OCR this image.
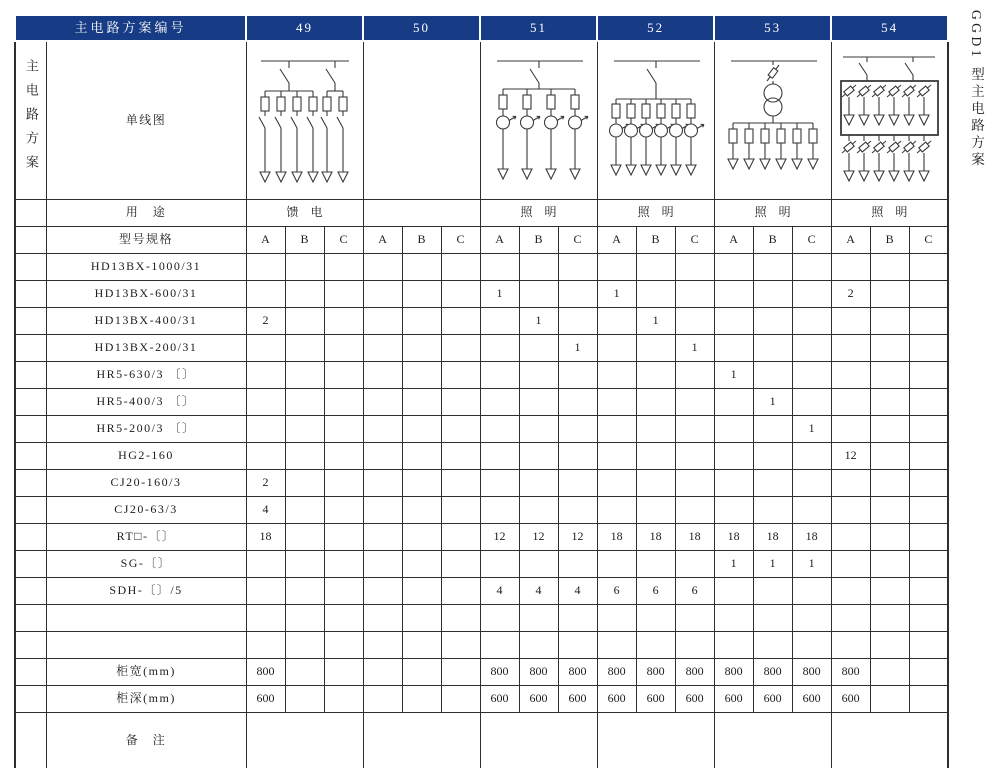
GGD1 型主电路方案
主电路方案编号		49			50			51			52			53			54		
主电路方案	单线图	

	用　途	馈　电						照　明			照　明			照　明			照　明		
	型号规格	A	B	C	A	B	C	A	B	C	A	B	C	A	B	C	A	B	C
	HD13BX-1000/31																		
	HD13BX-600/31							1			1						2		
	HD13BX-400/31	2							1			1							
	HD13BX-200/31									1			1						
	HR5-630/3 〔〕													1					
	HR5-400/3 〔〕														1				
	HR5-200/3 〔〕															1			
	HG2-160																12		
	CJ20-160/3	2																	
	CJ20-63/3	4																	
	RT□-〔〕	18						12	12	12	18	18	18	18	18	18			
	SG-〔〕													1	1	1			
	SDH-〔〕/5							4	4	4	6	6	6						

	柜宽(mm)	800						800	800	800	800	800	800	800	800	800	800		
	柜深(mm)	600						600	600	600	600	600	600	600	600	600	600		
	备　注																		
